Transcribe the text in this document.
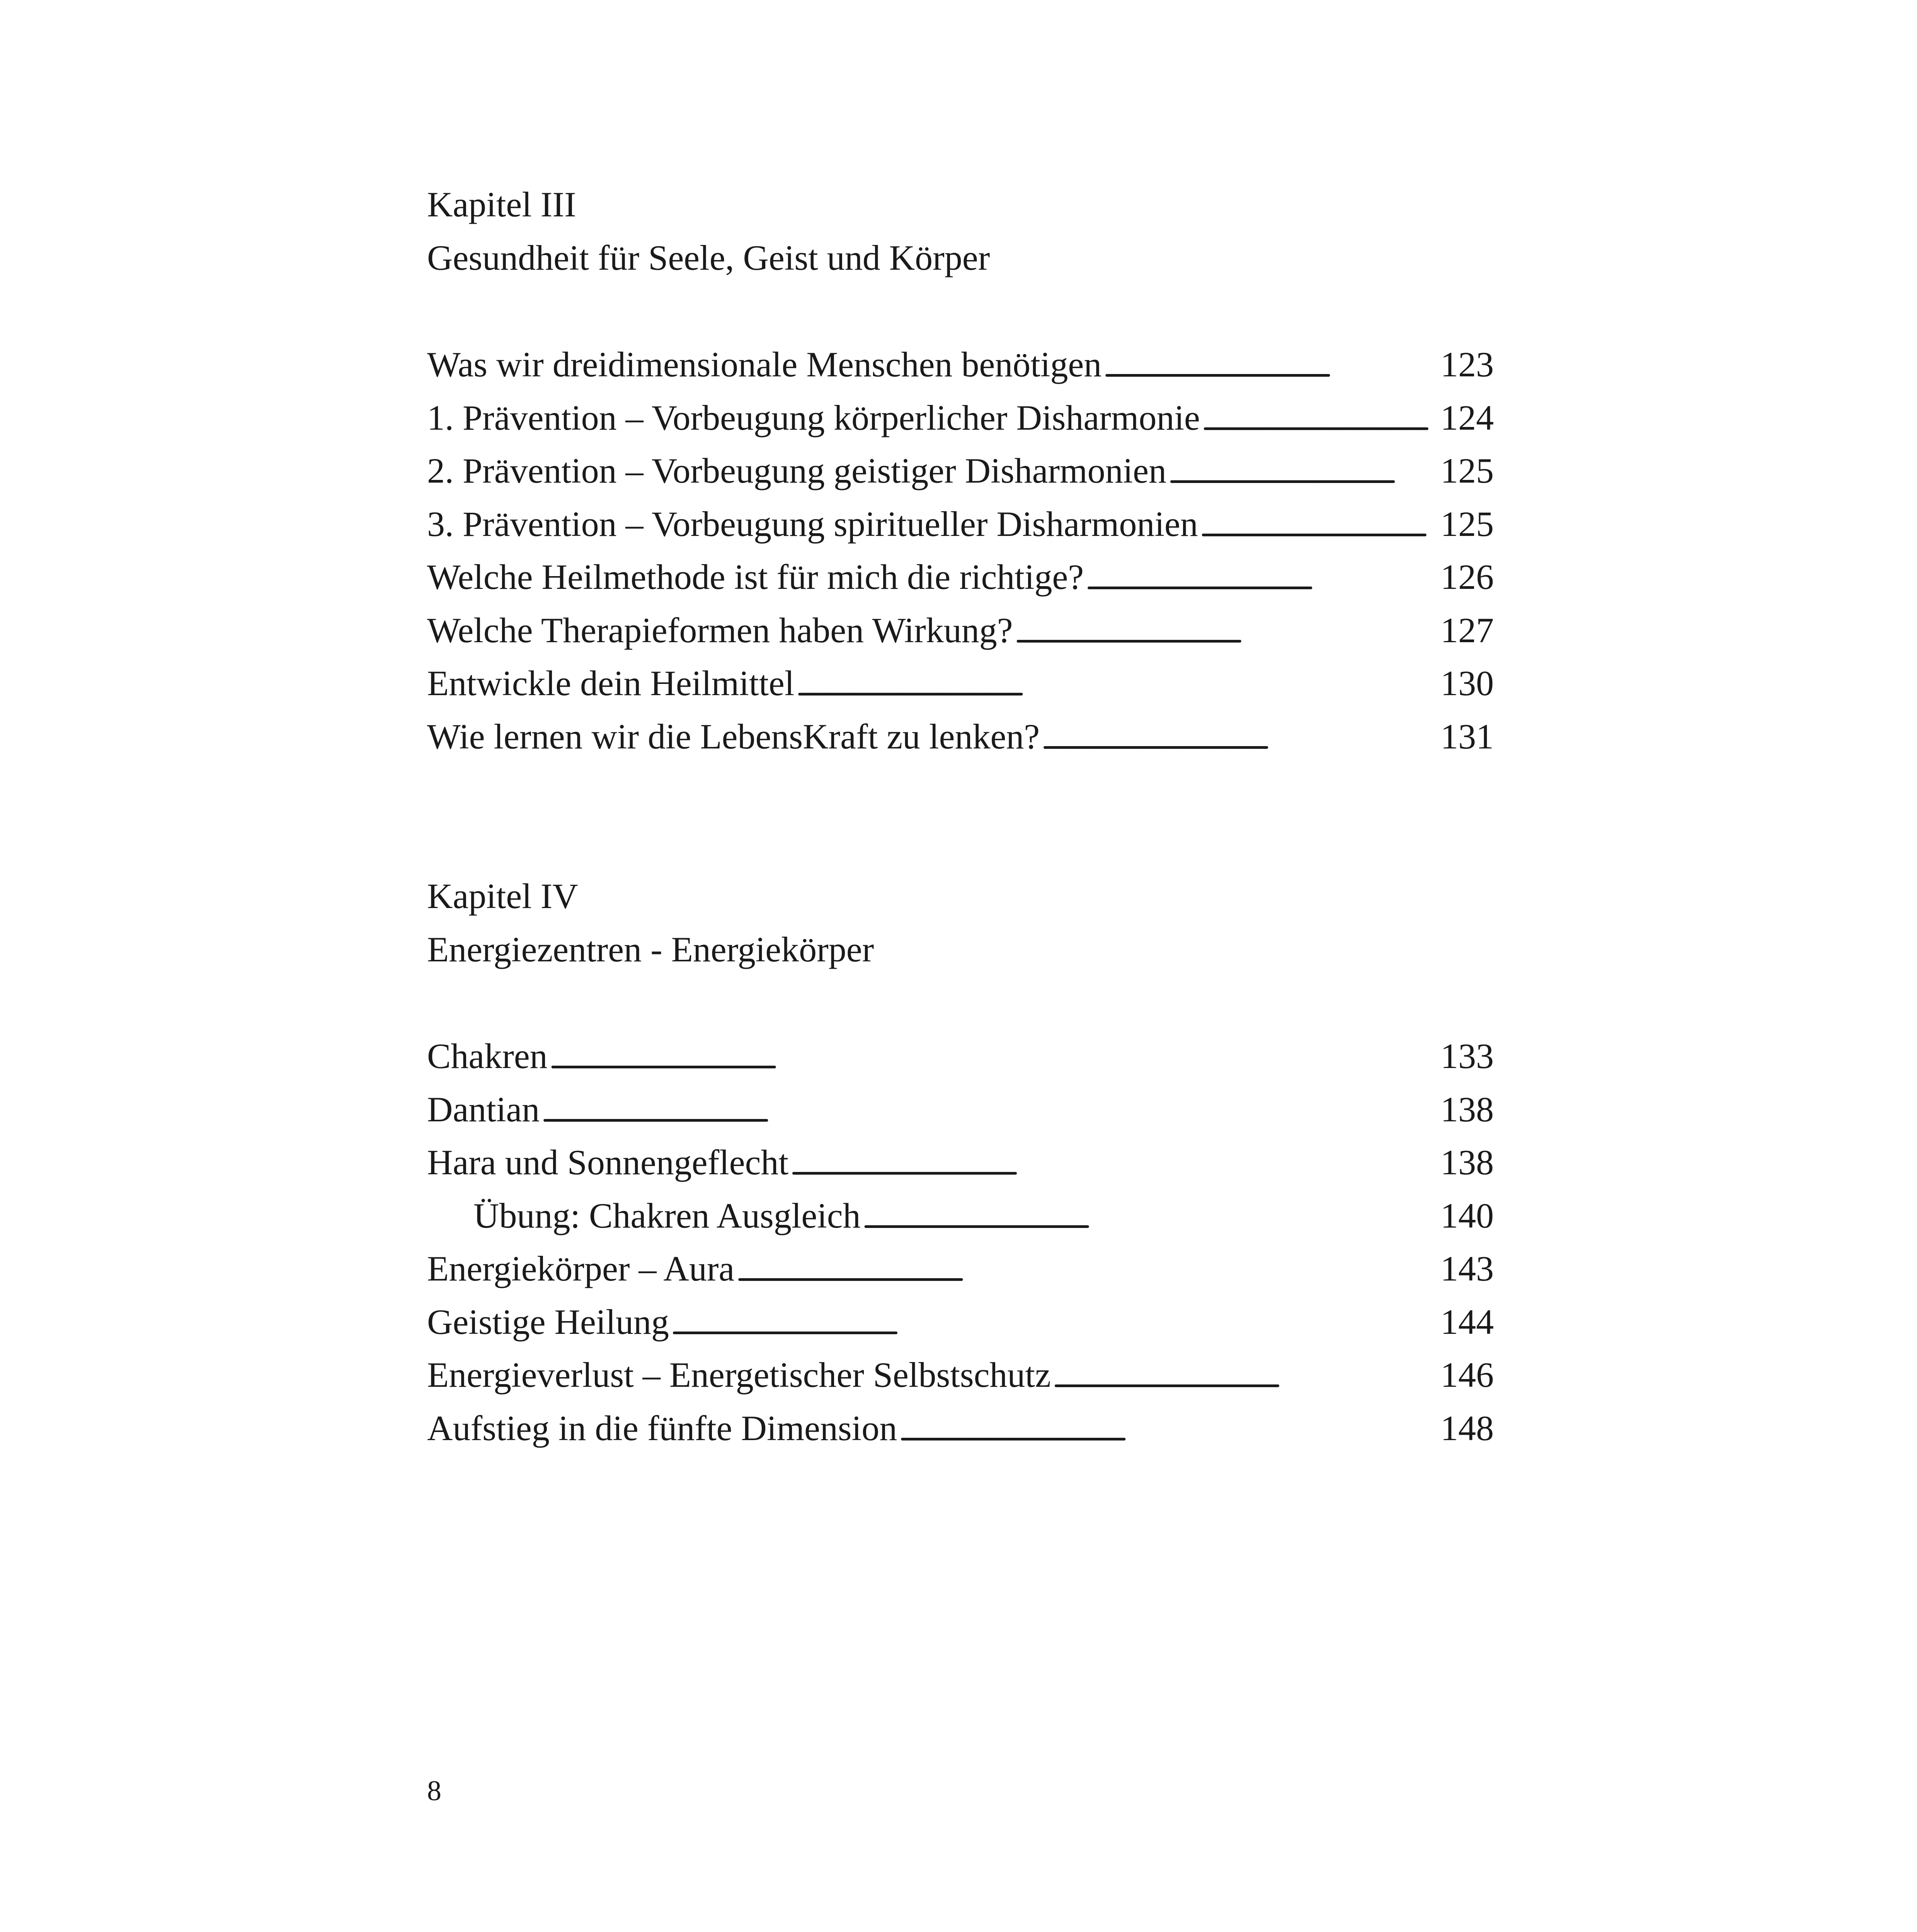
Kapitel III
Gesundheit für Seele, Geist und Körper
Was wir dreidimensionale Menschen benötigen . . .	123
1. Prävention – Vorbeugung körperlicher Disharmonie . . .	124
2. Prävention – Vorbeugung geistiger Disharmonien . . .	125
3. Prävention – Vorbeugung spiritueller Disharmonien . . .	125
Welche Heilmethode ist für mich die richtige? . . .	126
Welche Therapieformen haben Wirkung? . . .	127
Entwickle dein Heilmittel . . .	130
Wie lernen wir die LebensKraft zu lenken? . . .	131
Kapitel IV
Energiezentren - Energiekörper
Chakren . . .	133
Dantian . . .	138
Hara und Sonnengeflecht . . .	138
Übung: Chakren Ausgleich . . .	140
Energiekörper – Aura . . .	143
Geistige Heilung . . .	144
Energieverlust – Energetischer Selbstschutz . . .	146
Aufstieg in die fünfte Dimension . . .	148
8
